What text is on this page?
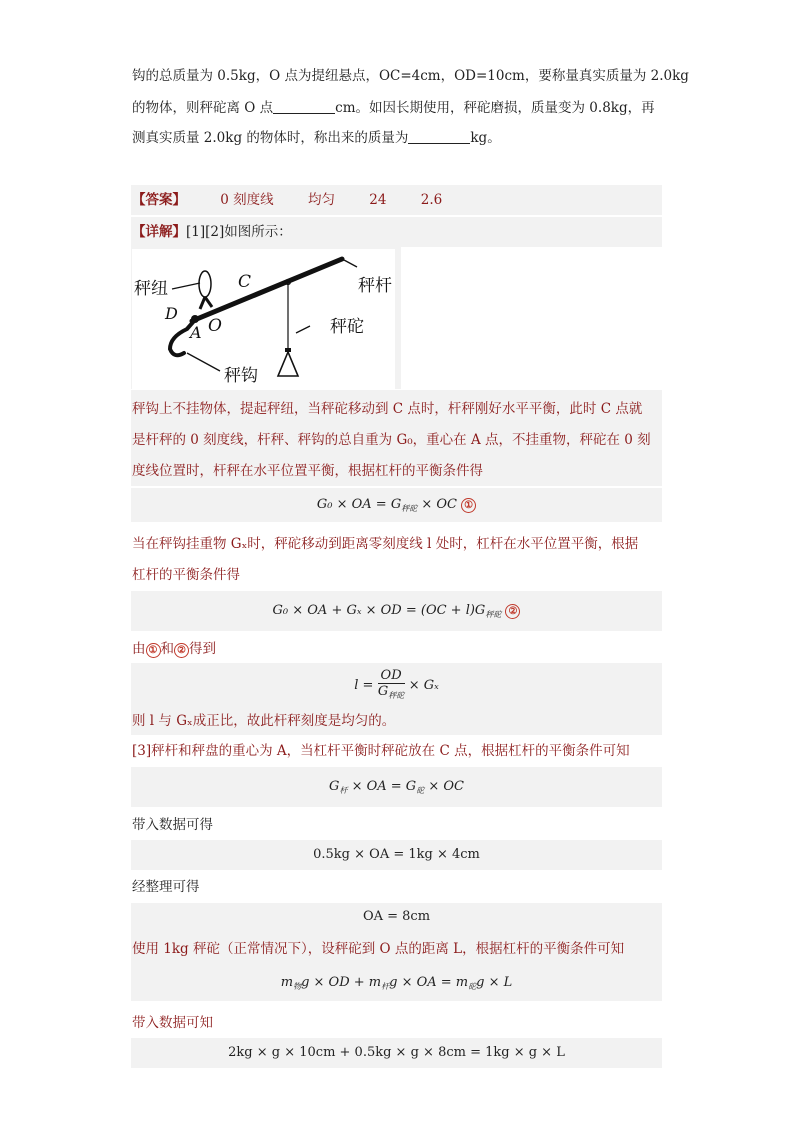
钩的总质量为 0.5kg，O 点为提纽悬点，OC=4cm，OD=10cm，要称量真实质量为 2.0kg
的物体，则秤砣离 O 点	cm。如因长期使用，秤砣磨损，质量变为 0.8kg，再
测真实质量 2.0kg 的物体时，称出来的质量为	kg。
【答案】	0 刻度线	均匀	24	2.6
【详解】[1][2]如图所示：
秤纽	C	秤杆
D
O
A	秤砣
秤钩
秤钩上不挂物体，提起秤纽，当秤砣移动到 C 点时，杆秤刚好水平平衡，此时 C 点就
是杆秤的 0 刻度线，杆秤、秤钩的总自重为 G₀，重心在 A 点，不挂重物，秤砣在 0 刻
度线位置时，杆秤在水平位置平衡，根据杠杆的平衡条件得
G₀ × OA = $G_{秤砣}$ × OC ①
当在秤钩挂重物 Gₓ时，秤砣移动到距离零刻度线 l 处时，杠杆在水平位置平衡，根据
杠杆的平衡条件得
G₀ × OA + Gₓ × OD = $(OC + l)G_{秤砣}$ ②
由 ① 和 ② 得到
$l = \frac{OD}{G_{秤砣}} \times G_x$
则 l 与 Gₓ成正比，故此杆秤刻度是均匀的。
[3]秤杆和秤盘的重心为 A，当杠杆平衡时秤砣放在 C 点，根据杠杆的平衡条件可知
$G_杆$ × OA = $G_砣$ × OC
带入数据可得
0.5kg × OA = 1kg × 4cm
经整理可得
OA = 8cm
使用 1kg 秤砣（正常情况下），设秤砣到 O 点的距离 L，根据杠杆的平衡条件可知
$m_物g$ × OD + $m_杆g$ × OA = $m_砣g \times L$
带入数据可知
2kg × g × 10cm + 0.5kg × g × 8cm = 1kg × g × L
